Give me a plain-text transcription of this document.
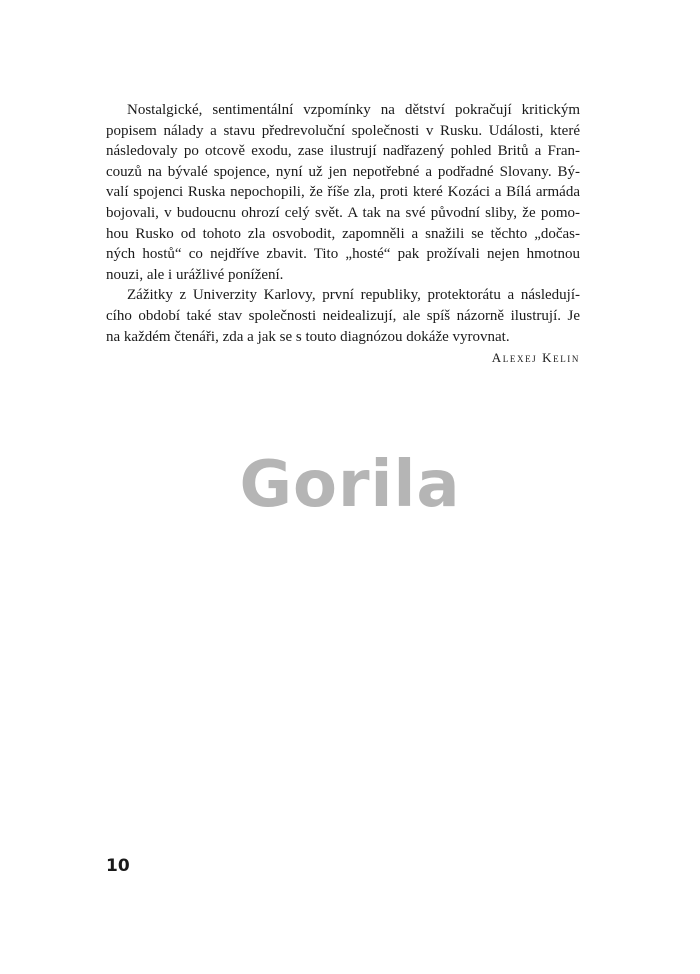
Nostalgické, sentimentální vzpomínky na dětství pokračují kritickým
popisem nálady a stavu předrevoluční společnosti v Rusku. Události, které
následovaly po otcově exodu, zase ilustrují nadřazený pohled Britů a Fran-
couzů na bývalé spojence, nyní už jen nepotřebné a podřadné Slovany. Bý-
valí spojenci Ruska nepochopili, že říše zla, proti které Kozáci a Bílá armáda
bojovali, v budoucnu ohrozí celý svět. A tak na své původní sliby, že pomo-
hou Rusko od tohoto zla osvobodit, zapomněli a snažili se těchto „dočas-
ných hostů“ co nejdříve zbavit. Tito „hosté“ pak prožívali nejen hmotnou
nouzi, ale i urážlivé ponížení.
Zážitky z Univerzity Karlovy, první republiky, protektorátu a následují-
cího období také stav společnosti neidealizují, ale spíš názorně ilustrují. Je
na každém čtenáři, zda a jak se s touto diagnózou dokáže vyrovnat.
Alexej Kelin
Gorila
10
